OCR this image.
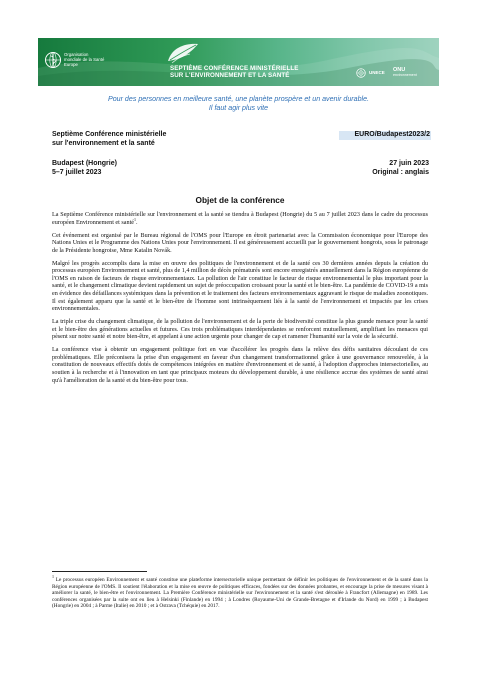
Organisation
mondiale de la Santé
Europe
SEPTIÈME CONFÉRENCE MINISTÉRIELLE
SUR L'ENVIRONNEMENT ET LA SANTÉ	UNECE ONU
environnement
Pour des personnes en meilleure santé, une planète prospère et un avenir durable.
Il faut agir plus vite
Septième Conférence ministérielle
sur l'environnement et la santé
EURO/Budapest2023/2
Budapest (Hongrie)
5–7 juillet 2023
27 juin 2023
Original : anglais
Objet de la conférence

La Septième Conférence ministérielle sur l'environnement et la santé se tiendra à Budapest (Hongrie) du 5 au 7 juillet 2023 dans le cadre du processus européen Environnement et santé$^1$.

Cet événement est organisé par le Bureau régional de l'OMS pour l'Europe en étroit partenariat avec la Commission économique pour l'Europe des Nations Unies et le Programme des Nations Unies pour l'environnement. Il est généreusement accueilli par le gouvernement hongrois, sous le patronage de la Présidente hongroise, Mme Katalin Novák.

Malgré les progrès accomplis dans la mise en œuvre des politiques de l'environnement et de la santé ces 30 dernières années depuis la création du processus européen Environnement et santé, plus de 1,4 million de décès prématurés sont encore enregistrés annuellement dans la Région européenne de l'OMS en raison de facteurs de risque environnementaux. La pollution de l'air constitue le facteur de risque environnemental le plus important pour la santé, et le changement climatique devient rapidement un sujet de préoccupation croissant pour la santé et le bien-être. La pandémie de COVID-19 a mis en évidence des défaillances systémiques dans la prévention et le traitement des facteurs environnementaux aggravant le risque de maladies zoonotiques. Il est également apparu que la santé et le bien-être de l'homme sont intrinsèquement liés à la santé de l'environnement et impactés par les crises environnementales.

La triple crise du changement climatique, de la pollution de l'environnement et de la perte de biodiversité constitue la plus grande menace pour la santé et le bien-être des générations actuelles et futures. Ces trois problématiques interdépendantes se renforcent mutuellement, amplifiant les menaces qui pèsent sur notre santé et notre bien-être, et appelant à une action urgente pour changer de cap et ramener l'humanité sur la voie de la sécurité.

La conférence vise à obtenir un engagement politique fort en vue d'accélérer les progrès dans la relève des défis sanitaires découlant de ces problématiques. Elle préconisera la prise d'un engagement en faveur d'un changement transformationnel grâce à une gouvernance renouvelée, à la constitution de nouveaux effectifs dotés de compétences intégrées en matière d'environnement et de santé, à l'adoption d'approches intersectorielles, au soutien à la recherche et à l'innovation en tant que principaux moteurs du développement durable, à une résilience accrue des systèmes de santé ainsi qu'à l'amélioration de la santé et du bien-être pour tous.

$^1$ Le processus européen Environnement et santé constitue une plateforme intersectorielle unique permettant de définir les politiques de l'environnement et de la santé dans la Région européenne de l'OMS. Il soutient l'élaboration et la mise en œuvre de politiques efficaces, fondées sur des données probantes, et encourage la prise de mesures visant à améliorer la santé, le bien-être et l'environnement. La Première Conférence ministérielle sur l'environnement et la santé s'est déroulée à Francfort (Allemagne) en 1989. Les conférences organisées par la suite ont eu lieu à Helsinki (Finlande) en 1994 ; à Londres (Royaume-Uni de Grande-Bretagne et d'Irlande du Nord) en 1999 ; à Budapest (Hongrie) en 2004 ; à Parme (Italie) en 2010 ; et à Ostrava (Tchéquie) en 2017.
